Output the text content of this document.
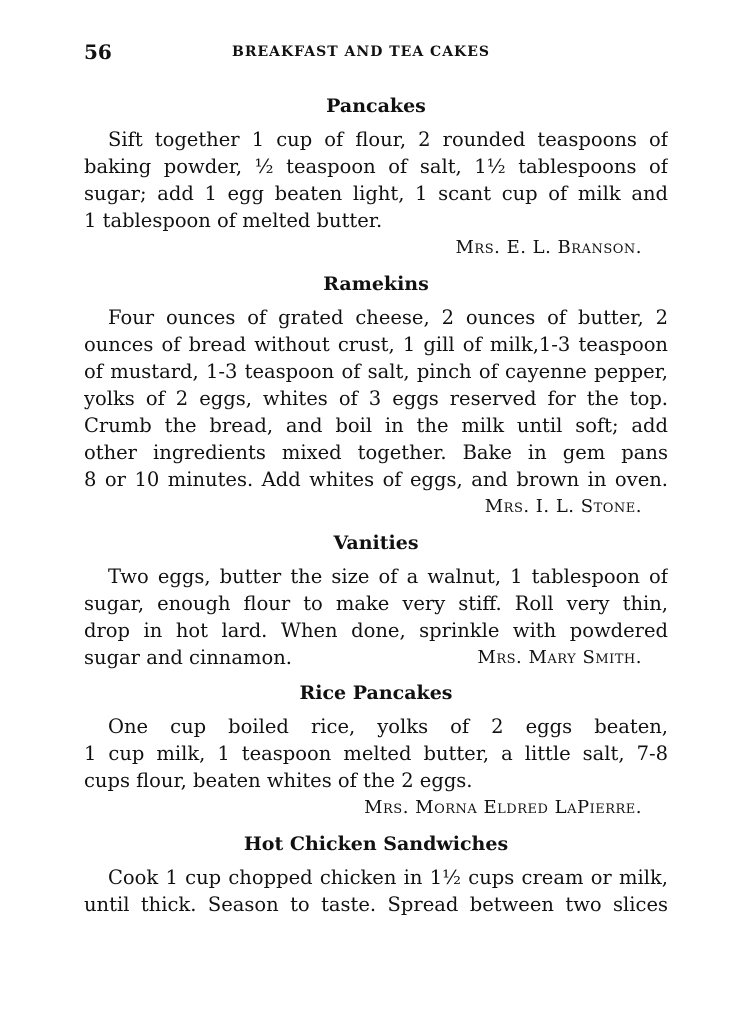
56	BREAKFAST AND TEA CAKES
Pancakes
Sift together 1 cup of flour, 2 rounded teaspoons of
baking powder, ½ teaspoon of salt, 1½ tablespoons of
sugar; add 1 egg beaten light, 1 scant cup of milk and
1 tablespoon of melted butter.
Mrs. E. L. Branson.
Ramekins
Four ounces of grated cheese, 2 ounces of butter, 2
ounces of bread without crust, 1 gill of milk,1-3 teaspoon
of mustard, 1-3 teaspoon of salt, pinch of cayenne pepper,
yolks of 2 eggs, whites of 3 eggs reserved for the top.
Crumb the bread, and boil in the milk until soft; add
other ingredients mixed together. Bake in gem pans
8 or 10 minutes. Add whites of eggs, and brown in oven.
Mrs. I. L. Stone.
Vanities
Two eggs, butter the size of a walnut, 1 tablespoon of
sugar, enough flour to make very stiff. Roll very thin,
drop in hot lard. When done, sprinkle with powdered
sugar and cinnamon.	Mrs. Mary Smith.
Rice Pancakes
One cup boiled rice, yolks of 2 eggs beaten,
1 cup milk, 1 teaspoon melted butter, a little salt, 7-8
cups flour, beaten whites of the 2 eggs.
Mrs. Morna Eldred LaPierre.
Hot Chicken Sandwiches
Cook 1 cup chopped chicken in 1½ cups cream or milk,
until thick. Season to taste. Spread between two slices
